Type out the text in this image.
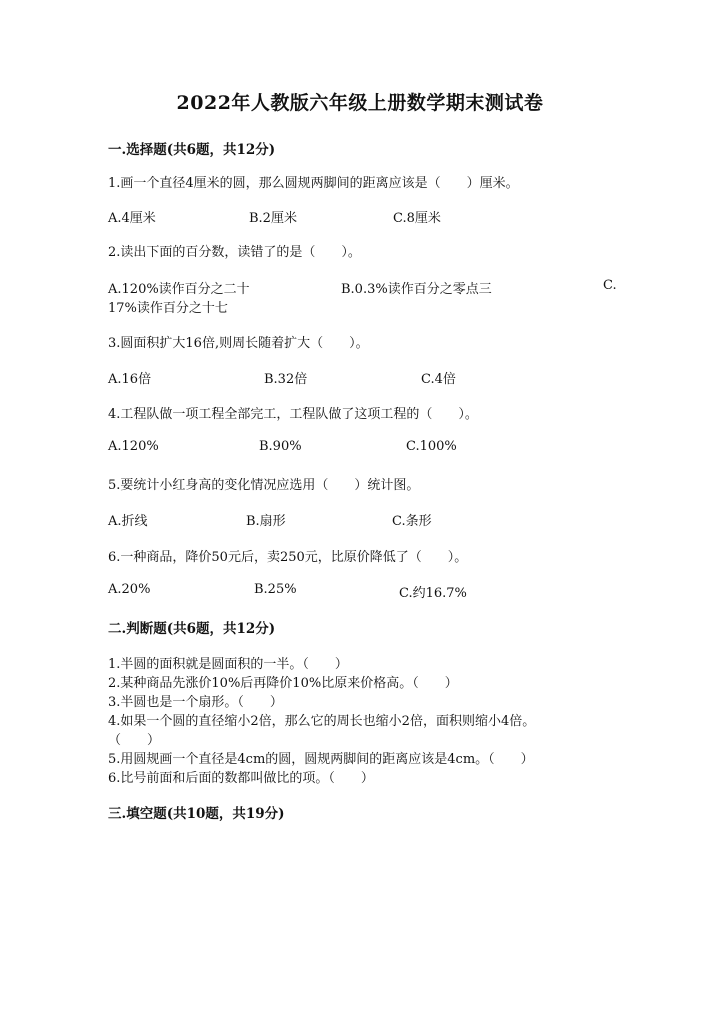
2022年人教版六年级上册数学期末测试卷
一.选择题(共6题，共12分)
1.画一个直径4厘米的圆，那么圆规两脚间的距离应该是（　　）厘米。
A.4厘米	B.2厘米	C.8厘米
2.读出下面的百分数，读错了的是（　　）。
A.120%读作百分之二十	B.0.3%读作百分之零点三	C.
17%读作百分之十七
3.圆面积扩大16倍,则周长随着扩大（　　）。
A.16倍	B.32倍	C.4倍
4.工程队做一项工程全部完工，工程队做了这项工程的（　　）。
A.120%	B.90%	C.100%
5.要统计小红身高的变化情况应选用（　　）统计图。
A.折线	B.扇形	C.条形
6.一种商品，降价50元后，卖250元，比原价降低了（　　）。
A.20%	B.25%	C.约16.7%
二.判断题(共6题，共12分)
1.半圆的面积就是圆面积的一半。（　　）
2.某种商品先涨价10%后再降价10%比原来价格高。（　　）
3.半圆也是一个扇形。（　　）
4.如果一个圆的直径缩小2倍，那么它的周长也缩小2倍，面积则缩小4倍。
（　　）
5.用圆规画一个直径是4cm的圆，圆规两脚间的距离应该是4cm。（　　）
6.比号前面和后面的数都叫做比的项。（　　）
三.填空题(共10题，共19分)
